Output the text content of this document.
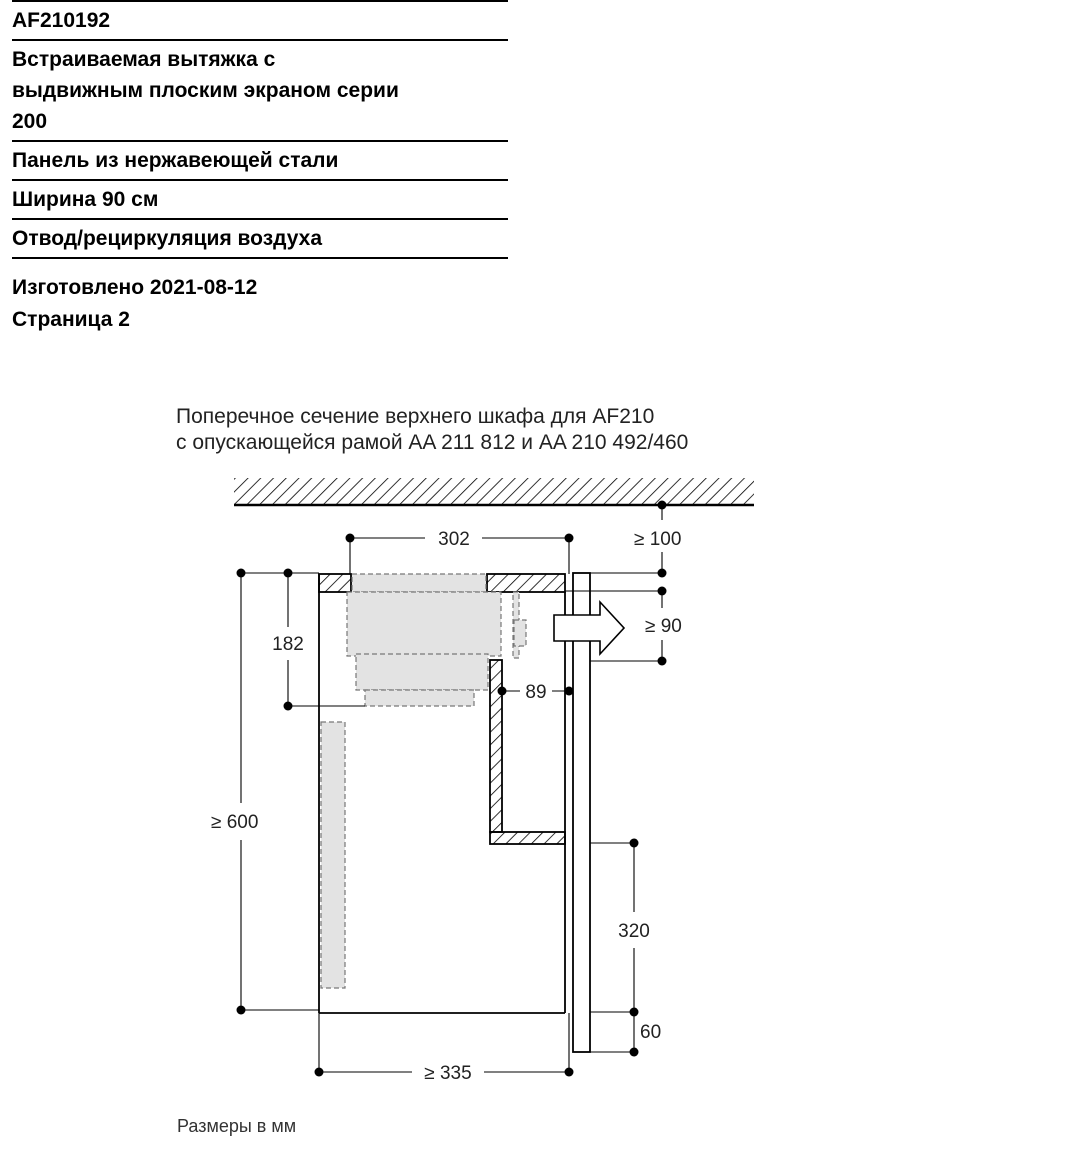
AF210192
Встраиваемая вытяжка с
выдвижным плоским экраном серии
200
Панель из нержавеющей стали
Ширина 90 см
Отвод/рециркуляция воздуха
Изготовлено 2021-08-12
Страница 2
Поперечное сечение верхнего шкафа для AF210
с опускающейся рамой AA 211 812 и AA 210 492/460
302	≥ 100
182
≥ 90
89
≥ 600
320
60
≥ 335
Размеры в мм
